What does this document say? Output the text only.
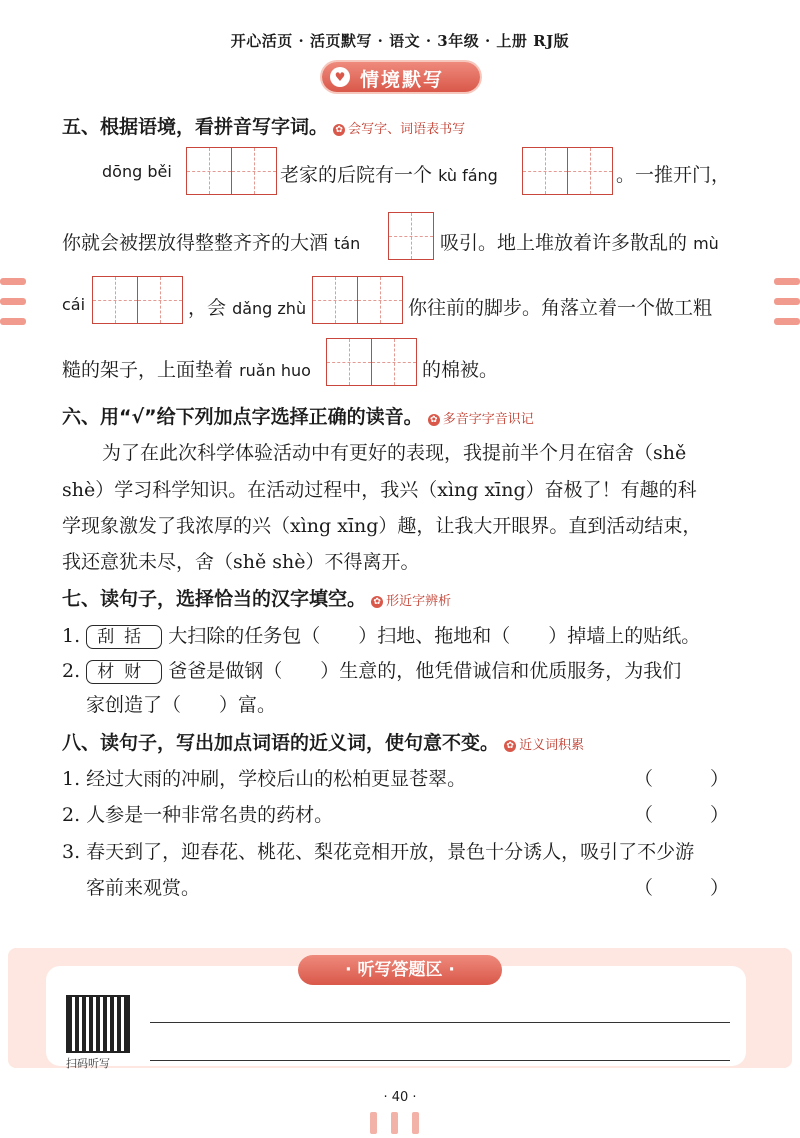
开心活页 · 活页默写 · 语文 · 3年级 · 上册 RJ版
♥ 情境默写
五、根据语境，看拼音写字词。 ✿ 会写字、词语表书写
dōng běi	老家的后院有一个 kù fáng	。一推开门，
你就会被摆放得整整齐齐的大酒 tán	吸引。地上堆放着许多散乱的 mù
cái	，会 dǎng zhù	你往前的脚步。角落立着一个做工粗
糙的架子，上面垫着 ruǎn huo	的棉被。
六、用“√”给下列加点字选择正确的读音。 ✿ 多音字字音识记
为了在此次科学体验活动中有更好的表现，我提前半个月在宿舍（shě
shè）学习科学知识。在活动过程中，我兴（xìng xīng）奋极了！有趣的科
学现象激发了我浓厚的兴（xìng xīng）趣，让我大开眼界。直到活动结束，
我还意犹未尽，舍（shě shè）不得离开。
七、读句子，选择恰当的汉字填空。 ✿ 形近字辨析
1. 刮括 大扫除的任务包（　　）扫地、拖地和（　　）掉墙上的贴纸。
2. 材财 爸爸是做钢（　　）生意的，他凭借诚信和优质服务，为我们
家创造了（　　）富。
八、读句子，写出加点词语的近义词，使句意不变。 ✿ 近义词积累
1. 经过大雨的冲刷，学校后山的松柏更显苍翠。	（　　　）
2. 人参是一种非常名贵的药材。	（　　　）
3. 春天到了，迎春花、桃花、梨花竞相开放，景色十分诱人，吸引了不少游
客前来观赏。	（　　　）
· 听写答题区 ·
扫码听写
· 40 ·
